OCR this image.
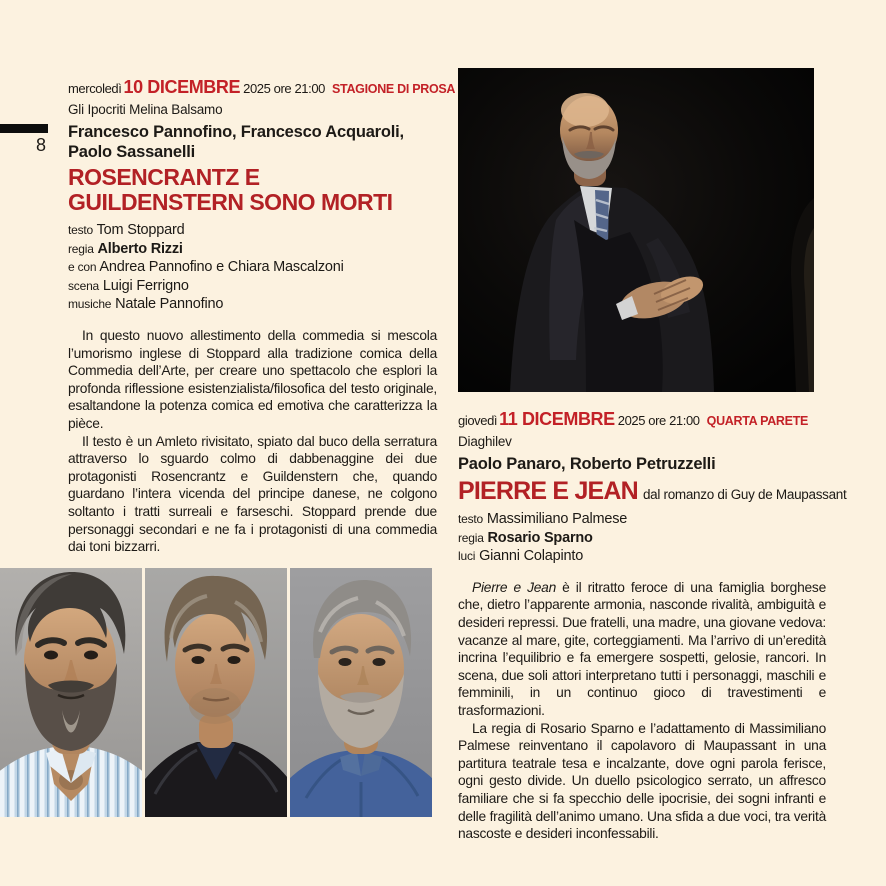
8
mercoledì 10 DICEMBRE 2025 ore 21:00 STAGIONE DI PROSA
Gli Ipocriti Melina Balsamo
Francesco Pannofino, Francesco Acquaroli, Paolo Sassanelli
ROSENCRANTZ E GUILDENSTERN SONO MORTI
testo Tom Stoppard
regia Alberto Rizzi
e con Andrea Pannofino e Chiara Mascalzoni
scena Luigi Ferrigno
musiche Natale Pannofino

In questo nuovo allestimento della commedia si mescola l’umorismo inglese di Stoppard alla tradizione comica della Commedia dell’Arte, per creare uno spettacolo che esplori la profonda riflessione esistenzialista/filosofica del testo originale, esaltandone la potenza comica ed emotiva che caratterizza la pièce.

Il testo è un Amleto rivisitato, spiato dal buco della serratura attraverso lo sguardo colmo di dabbenaggine dei due protagonisti Rosencrantz e Guildenstern che, quando guardano l’intera vicenda del principe danese, ne colgono soltanto i tratti surreali e farseschi. Stoppard prende due personaggi secondari e ne fa i protagonisti di una commedia dai toni bizzarri.

giovedì 11 DICEMBRE 2025 ore 21:00 QUARTA PARETE
Diaghilev
Paolo Panaro, Roberto Petruzzelli
PIERRE E JEAN dal romanzo di Guy de Maupassant
testo Massimiliano Palmese
regia Rosario Sparno
luci Gianni Colapinto

Pierre e Jean è il ritratto feroce di una famiglia borghese che, dietro l’apparente armonia, nasconde rivalità, ambiguità e desideri repressi. Due fratelli, una madre, una giovane vedova: vacanze al mare, gite, corteggiamenti. Ma l’arrivo di un’eredità incrina l’equilibrio e fa emergere sospetti, gelosie, rancori. In scena, due soli attori interpretano tutti i personaggi, maschili e femminili, in un continuo gioco di travestimenti e trasformazioni.

La regia di Rosario Sparno e l’adattamento di Massimiliano Palmese reinventano il capolavoro di Maupassant in una partitura teatrale tesa e incalzante, dove ogni parola ferisce, ogni gesto divide. Un duello psicologico serrato, un affresco familiare che si fa specchio delle ipocrisie, dei sogni infranti e delle fragilità dell’animo umano. Una sfida a due voci, tra verità nascoste e desideri inconfessabili.
